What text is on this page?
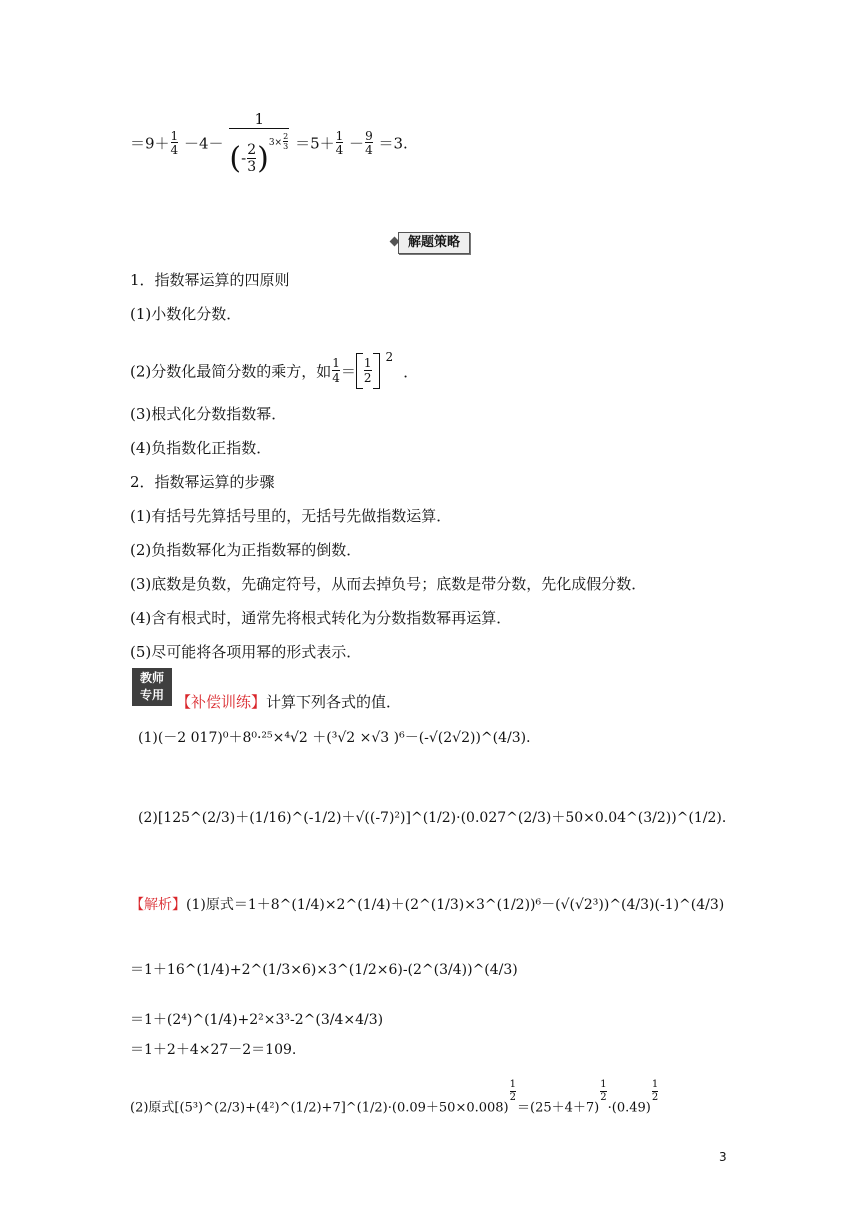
$=9+ \frac{1}{4} -4- 1$
(- $\frac{2}{3} )^{3\times \frac{2}{3}} =5+ \frac{1}{4} - \frac{9}{4} =3$.
解题策略
1．指数幂运算的四原则
(1)小数化分数．
(2)分数化最简分数的乘方，如 $\frac{1}{4} = \frac{1}{2}$
$^2$．
(3)根式化分数指数幂．
(4)负指数化正指数．
2．指数幂运算的步骤
(1)有括号先算括号里的，无括号先做指数运算．
(2)负指数幂化为正指数幂的倒数．
(3)底数是负数，先确定符号，从而去掉负号；底数是带分数，先化成假分数．
(4)含有根式时，通常先将根式转化为分数指数幂再运算．
(5)尽可能将各项用幂的形式表示．
教师
专用 【补偿训练】计算下列各式的值．
(1)(－2 017)⁰＋8⁰·²⁵×⁴√2 ＋(³√2 ×√3 )⁶－(-√(2√2))^(4/3)．
(2)[125^(2/3)＋(1/16)^(-1/2)＋√((-7)²)]^(1/2)·(0.027^(2/3)＋50×0.04^(3/2))^(1/2)．
【解析】(1)原式＝1＋8^(1/4)×2^(1/4)＋(2^(1/3)×3^(1/2))⁶－(√(√2³))^(4/3)(-1)^(4/3)
＝1＋16^(1/4)+2^(1/3×6)×3^(1/2×6)-(2^(3/4))^(4/3)
＝1＋(2⁴)^(1/4)+2²×3³-2^(3/4×4/3)
＝1＋2＋4×27－2＝109.
(2)原式[(5³)^(2/3)+(4²)^(1/2)+7]^(1/2)·(0.09＋50×0.008)
$\frac{1}{2}$
＝(25＋4＋7)
$\frac{1}{2}$
·(0.49)
$\frac{1}{2}$
3
